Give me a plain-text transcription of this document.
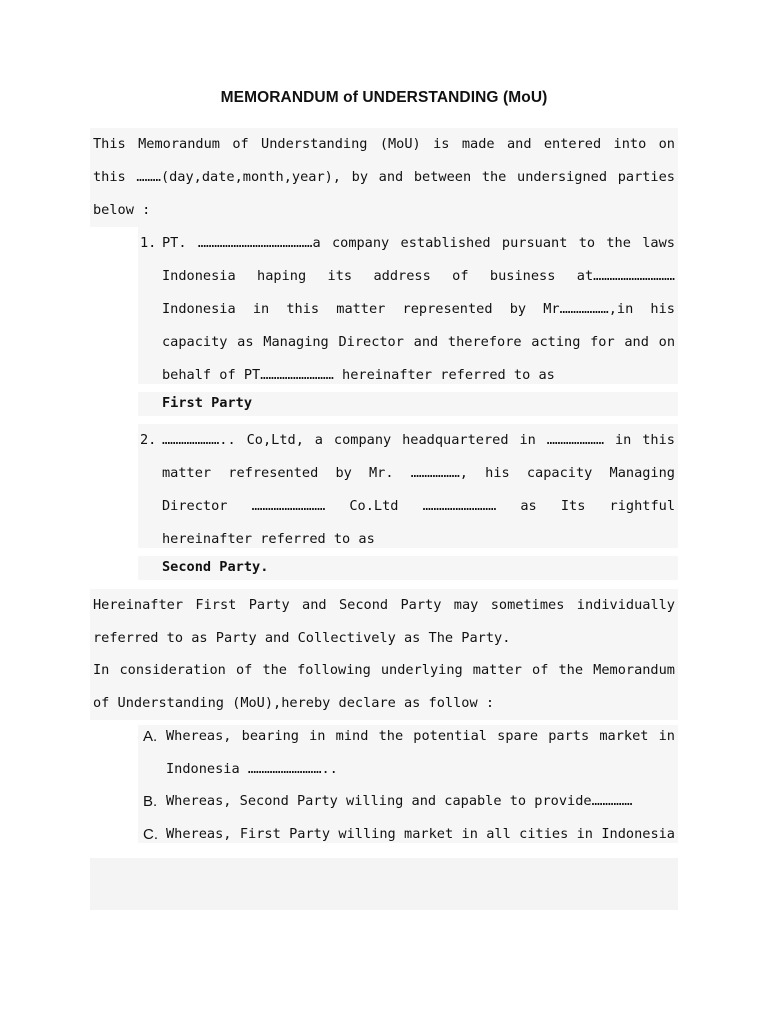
MEMORANDUM of UNDERSTANDING (MoU)
This Memorandum of Understanding (MoU) is made and entered into on
this ………(day,date,month,year), by and between the undersigned parties
below :
1. PT. ……………………………………a company established pursuant to the laws
Indonesia haping its address of business at…………………………
Indonesia in this matter represented by Mr………………,in his
capacity as Managing Director and therefore acting for and on
behalf of PT……………………… hereinafter referred to as
First Party
2. ………………….. Co,Ltd, a company headquartered in ………………… in this
matter refresented by Mr. ………………, his capacity Managing
Director ……………………… Co.Ltd ……………………… as Its rightful
hereinafter referred to as
Second Party.
Hereinafter First Party and Second Party may sometimes individually
referred to as Party and Collectively as The Party.
In consideration of the following underlying matter of the Memorandum
of Understanding (MoU),hereby declare as follow :
A. Whereas, bearing in mind the potential spare parts market in
Indonesia ………………………..
B. Whereas, Second Party willing and capable to provide……………
C. Whereas, First Party willing market in all cities in Indonesia
